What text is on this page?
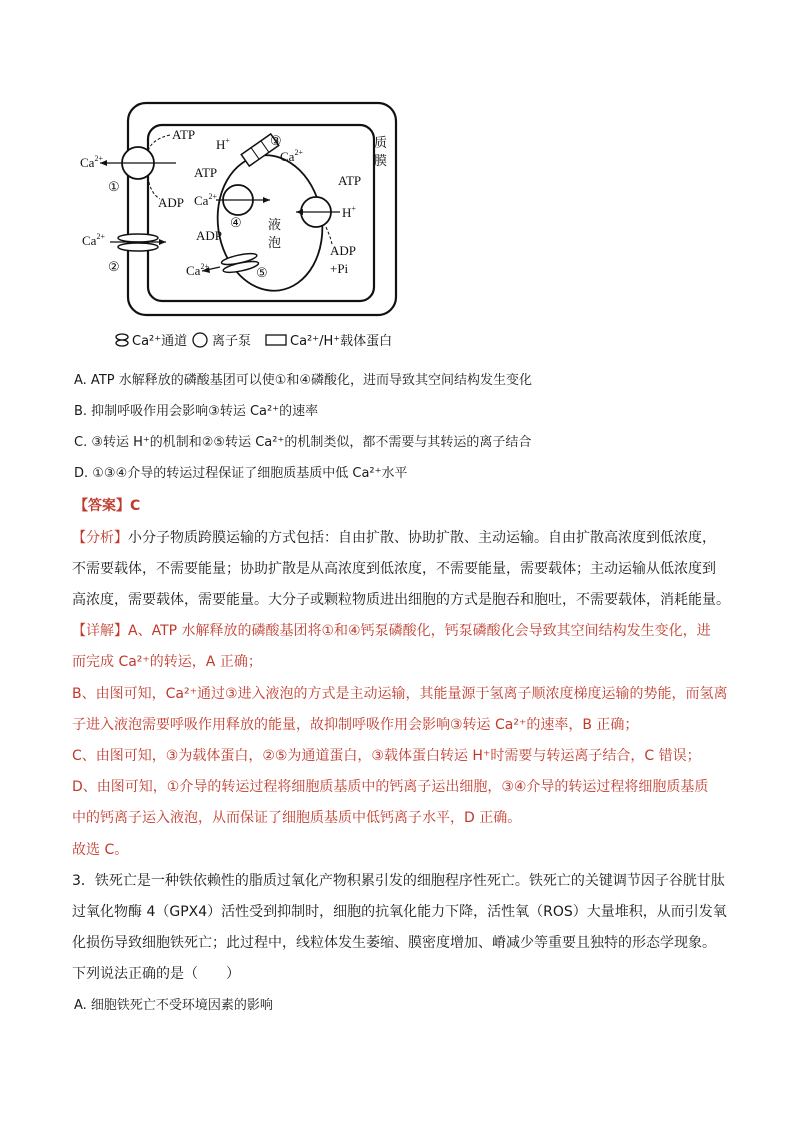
质
膜
$Ca^{2+}$
ATP
ADP
①
$Ca^{2+}$
②
H+
$Ca^{2+}$
③
$Ca^{2+}$
ATP
ADP
④ 液
泡
ATP
H+
ADP
+Pi
$Ca^{2+}$	⑤
Ca²⁺通道 离子泵	Ca²⁺/H⁺载体蛋白
A. ATP 水解释放的磷酸基团可以使①和④磷酸化，进而导致其空间结构发生变化
B. 抑制呼吸作用会影响③转运 Ca²⁺的速率
C. ③转运 H⁺的机制和②⑤转运 Ca²⁺的机制类似，都不需要与其转运的离子结合
D. ①③④介导的转运过程保证了细胞质基质中低 Ca²⁺水平
【答案】C
【分析】小分子物质跨膜运输的方式包括：自由扩散、协助扩散、主动运输。自由扩散高浓度到低浓度，
不需要载体，不需要能量；协助扩散是从高浓度到低浓度，不需要能量，需要载体；主动运输从低浓度到
高浓度，需要载体，需要能量。大分子或颗粒物质进出细胞的方式是胞吞和胞吐，不需要载体，消耗能量。
【详解】A、ATP 水解释放的磷酸基团将①和④钙泵磷酸化，钙泵磷酸化会导致其空间结构发生变化，进
而完成 Ca²⁺的转运，A 正确；
B、由图可知，Ca²⁺通过③进入液泡的方式是主动运输，其能量源于氢离子顺浓度梯度运输的势能，而氢离
子进入液泡需要呼吸作用释放的能量，故抑制呼吸作用会影响③转运 Ca²⁺的速率，B 正确；
C、由图可知，③为载体蛋白，②⑤为通道蛋白，③载体蛋白转运 H⁺时需要与转运离子结合，C 错误；
D、由图可知，①介导的转运过程将细胞质基质中的钙离子运出细胞，③④介导的转运过程将细胞质基质
中的钙离子运入液泡，从而保证了细胞质基质中低钙离子水平，D 正确。
故选 C。
3．铁死亡是一种铁依赖性的脂质过氧化产物积累引发的细胞程序性死亡。铁死亡的关键调节因子谷胱甘肽
过氧化物酶 4（GPX4）活性受到抑制时，细胞的抗氧化能力下降，活性氧（ROS）大量堆积，从而引发氧
化损伤导致细胞铁死亡；此过程中，线粒体发生萎缩、膜密度增加、嵴减少等重要且独特的形态学现象。
下列说法正确的是（　　）
A. 细胞铁死亡不受环境因素的影响
